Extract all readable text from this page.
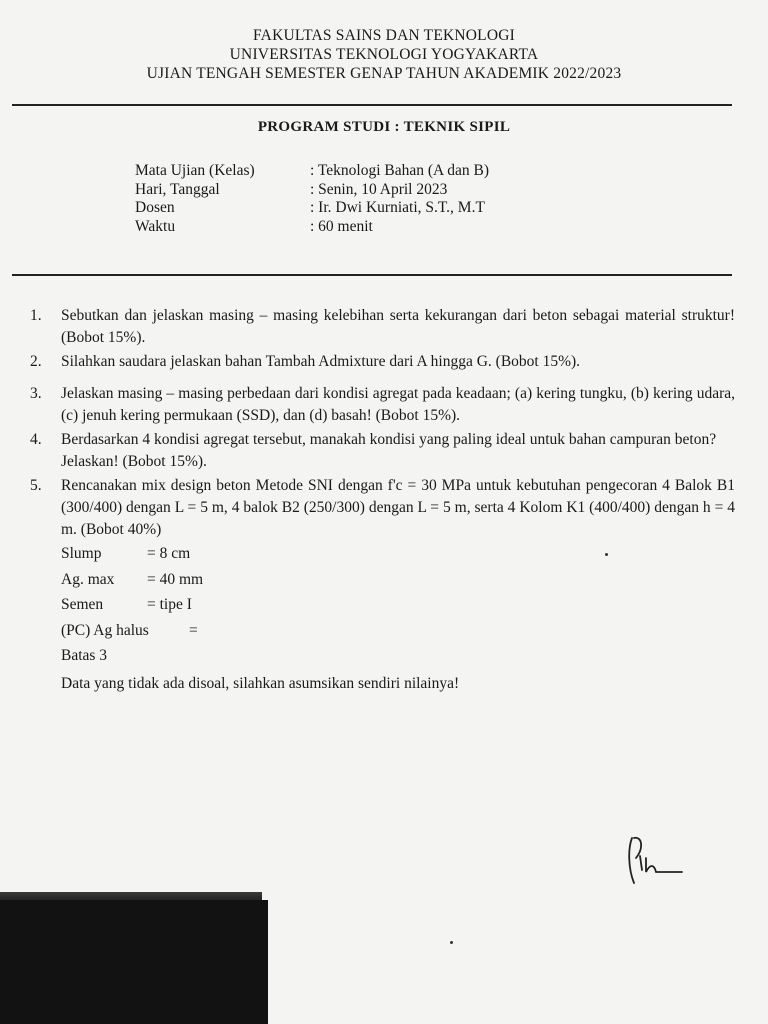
FAKULTAS SAINS DAN TEKNOLOGI
UNIVERSITAS TEKNOLOGI YOGYAKARTA
UJIAN TENGAH SEMESTER GENAP TAHUN AKADEMIK 2022/2023
PROGRAM STUDI : TEKNIK SIPIL
Mata Ujian (Kelas)	: Teknologi Bahan (A dan B)
Hari, Tanggal	: Senin, 10 April 2023
Dosen	: Ir. Dwi Kurniati, S.T., M.T
Waktu	: 60 menit
1.	Sebutkan dan jelaskan masing – masing kelebihan serta kekurangan dari beton sebagai material struktur! (Bobot 15%).
2.	Silahkan saudara jelaskan bahan Tambah Admixture dari A hingga G. (Bobot 15%).
3.	Jelaskan masing – masing perbedaan dari kondisi agregat pada keadaan; (a) kering tungku, (b) kering udara, (c) jenuh kering permukaan (SSD), dan (d) basah! (Bobot 15%).
4.	Berdasarkan 4 kondisi agregat tersebut, manakah kondisi yang paling ideal untuk bahan campuran beton? Jelaskan! (Bobot 15%).
5.	Rencanakan mix design beton Metode SNI dengan f'c = 30 MPa untuk kebutuhan pengecoran 4 Balok B1 (300/400) dengan L = 5 m, 4 balok B2 (250/300) dengan L = 5 m, serta 4 Kolom K1 (400/400) dengan h = 4 m. (Bobot 40%)
Slump	= 8 cm
Ag. max	= 40 mm
Semen	= tipe I
(PC) Ag halus	=
Batas 3
Data yang tidak ada disoal, silahkan asumsikan sendiri nilainya!
